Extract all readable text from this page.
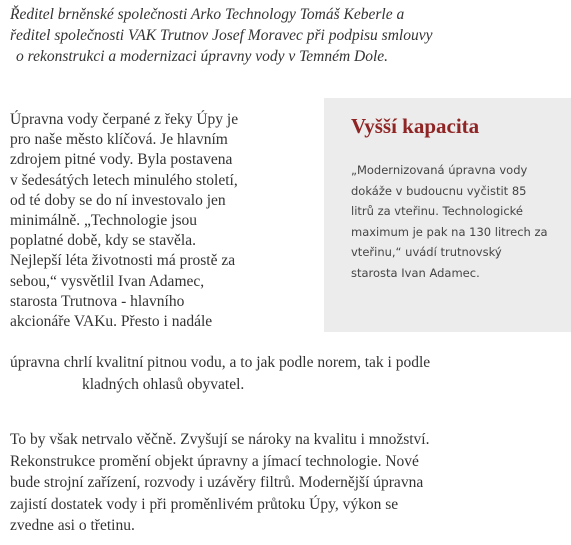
Ředitel brněnské společnosti Arko Technology Tomáš Keberle a
ředitel společnosti VAK Trutnov Josef Moravec při podpisu smlouvy
o rekonstrukci a modernizaci úpravny vody v Temném Dole.
Úpravna vody čerpané z řeky Úpy je
pro naše město klíčová. Je hlavním
zdrojem pitné vody. Byla postavena
v šedesátých letech minulého století,
od té doby se do ní investovalo jen
minimálně. „Technologie jsou
poplatné době, kdy se stavěla.
Nejlepší léta životnosti má prostě za
sebou,“ vysvětlil Ivan Adamec,
starosta Trutnova - hlavního
akcionáře VAKu. Přesto i nadále
úpravna chrlí kvalitní pitnou vodu, a to jak podle norem, tak i podle
kladných ohlasů obyvatel.
Vyšší kapacita
„Modernizovaná úpravna vody
dokáže v budoucnu vyčistit 85
litrů za vteřinu. Technologické
maximum je pak na 130 litrech za
vteřinu,“ uvádí trutnovský
starosta Ivan Adamec.
To by však netrvalo věčně. Zvyšují se nároky na kvalitu i množství.
Rekonstrukce promění objekt úpravny a jímací technologie. Nové
bude strojní zařízení, rozvody i uzávěry filtrů. Modernější úpravna
zajistí dostatek vody i při proměnlivém průtoku Úpy, výkon se
zvedne asi o třetinu.
